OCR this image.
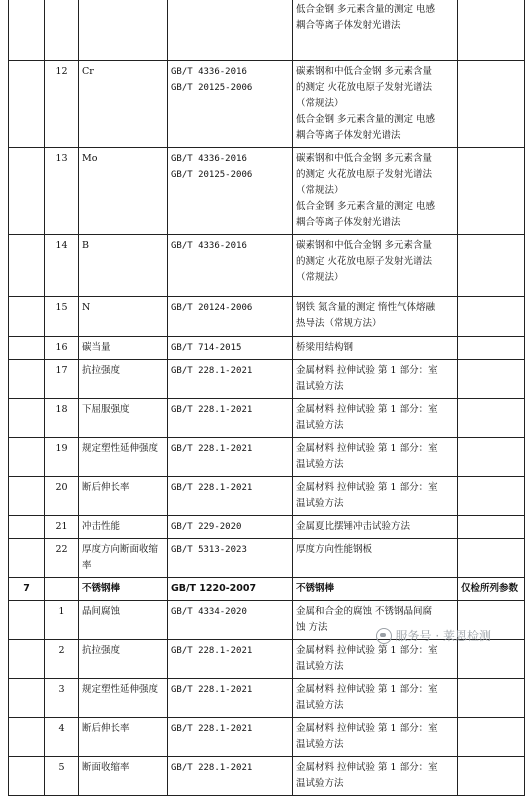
				低合金钢 多元素含量的测定 电感
耦合等离子体发射光谱法	

	12	Cr	GB/T 4336-2016
GB/T 20125-2006	碳素钢和中低合金钢 多元素含量
的测定 火花放电原子发射光谱法
（常规法）
低合金钢 多元素含量的测定 电感
耦合等离子体发射光谱法	

	13	Mo	GB/T 4336-2016
GB/T 20125-2006	碳素钢和中低合金钢 多元素含量
的测定 火花放电原子发射光谱法
（常规法）
低合金钢 多元素含量的测定 电感
耦合等离子体发射光谱法	

	14	B	GB/T 4336-2016	碳素钢和中低合金钢 多元素含量
的测定 火花放电原子发射光谱法
（常规法）	

	15	N	GB/T 20124-2006	钢铁 氮含量的测定 惰性气体熔融
热导法（常规方法）	

	16	碳当量	GB/T 714-2015	桥梁用结构钢	

	17	抗拉强度	GB/T 228.1-2021	金属材料 拉伸试验 第 1 部分：室
温试验方法	

	18	下屈服强度	GB/T 228.1-2021	金属材料 拉伸试验 第 1 部分：室
温试验方法	

	19	规定塑性延伸强度	GB/T 228.1-2021	金属材料 拉伸试验 第 1 部分：室
温试验方法	

	20	断后伸长率	GB/T 228.1-2021	金属材料 拉伸试验 第 1 部分：室
温试验方法	

	21	冲击性能	GB/T 229-2020	金属夏比摆锤冲击试验方法	

	22	厚度方向断面收缩率	GB/T 5313-2023	厚度方向性能钢板	

7		不锈钢棒	GB/T 1220-2007	不锈钢棒	仅检所列参数
	1	晶间腐蚀	GB/T 4334-2020	金属和合金的腐蚀 不锈钢晶间腐
蚀 方法	

	2	抗拉强度	GB/T 228.1-2021	金属材料 拉伸试验 第 1 部分：室
温试验方法	

	3	规定塑性延伸强度	GB/T 228.1-2021	金属材料 拉伸试验 第 1 部分：室
温试验方法	

	4	断后伸长率	GB/T 228.1-2021	金属材料 拉伸试验 第 1 部分：室
温试验方法	

	5	断面收缩率	GB/T 228.1-2021	金属材料 拉伸试验 第 1 部分：室
温试验方法	

服务号 · 莱恩检测
